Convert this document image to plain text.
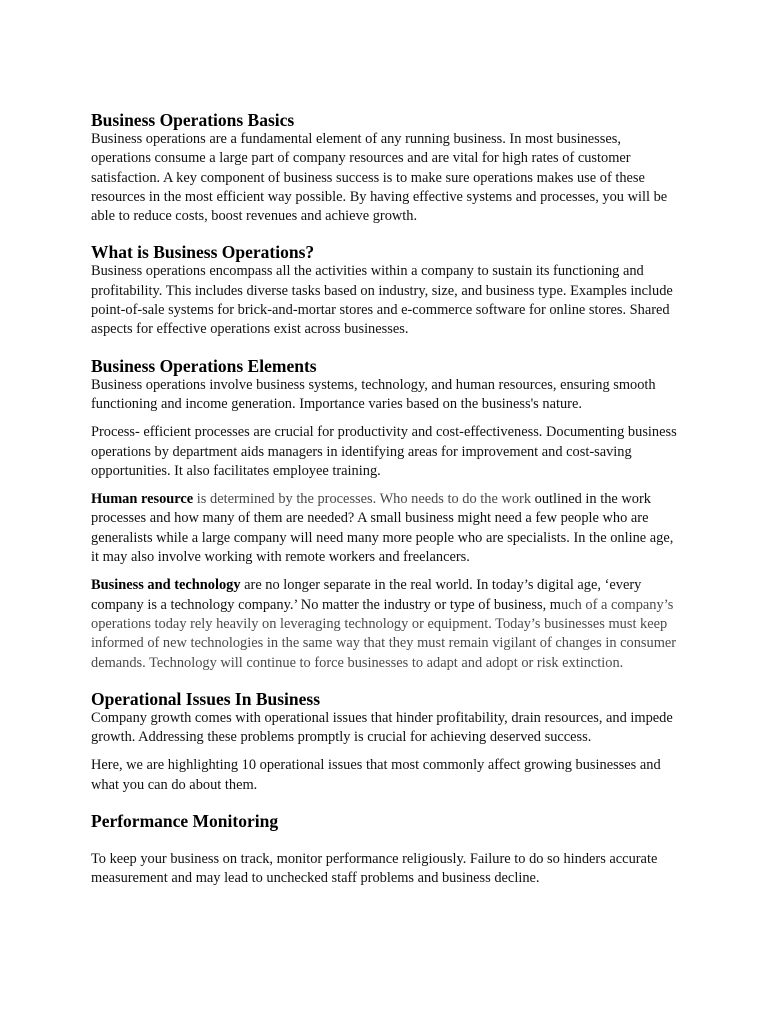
Business Operations Basics

Business operations are a fundamental element of any running business. In most businesses, operations consume a large part of company resources and are vital for high rates of customer satisfaction. A key component of business success is to make sure operations makes use of these resources in the most efficient way possible. By having effective systems and processes, you will be able to reduce costs, boost revenues and achieve growth.

What is Business Operations?

Business operations encompass all the activities within a company to sustain its functioning and profitability. This includes diverse tasks based on industry, size, and business type. Examples include point-of-sale systems for brick-and-mortar stores and e-commerce software for online stores. Shared aspects for effective operations exist across businesses.

Business Operations Elements

Business operations involve business systems, technology, and human resources, ensuring smooth functioning and income generation. Importance varies based on the business's nature.

Process- efficient processes are crucial for productivity and cost-effectiveness. Documenting business operations by department aids managers in identifying areas for improvement and cost-saving opportunities. It also facilitates employee training.

Human resource is determined by the processes. Who needs to do the work outlined in the work processes and how many of them are needed? A small business might need a few people who are generalists while a large company will need many more people who are specialists. In the online age, it may also involve working with remote workers and freelancers.

Business and technology are no longer separate in the real world. In today’s digital age, ‘every company is a technology company.’ No matter the industry or type of business, much of a company’s operations today rely heavily on leveraging technology or equipment. Today’s businesses must keep informed of new technologies in the same way that they must remain vigilant of changes in consumer demands. Technology will continue to force businesses to adapt and adopt or risk extinction.

Operational Issues In Business

Company growth comes with operational issues that hinder profitability, drain resources, and impede growth. Addressing these problems promptly is crucial for achieving deserved success.

Here, we are highlighting 10 operational issues that most commonly affect growing businesses and what you can do about them.

Performance Monitoring

To keep your business on track, monitor performance religiously. Failure to do so hinders accurate measurement and may lead to unchecked staff problems and business decline.
